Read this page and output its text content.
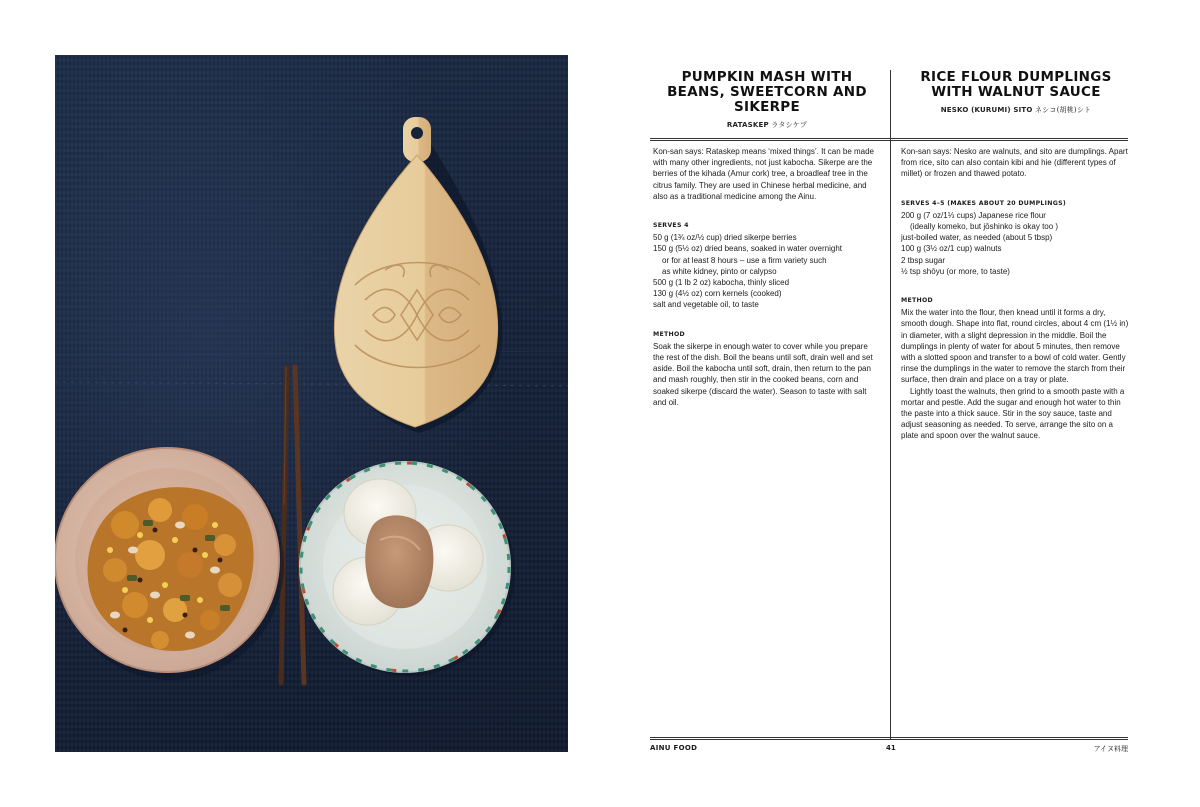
PUMPKIN MASH WITH BEANS, SWEETCORN AND SIKERPE
RATASKEP ラタシケプ
RICE FLOUR DUMPLINGS WITH WALNUT SAUCE
NESKO (KURUMI) SITO ネシコ(胡桃)シト

Kon-san says: Rataskep means ‘mixed things’. It can be made with many other ingredients, not just kabocha. Sikerpe are the berries of the kihada (Amur cork) tree, a broadleaf tree in the citrus family. They are used in Chinese herbal medicine, and also as a traditional medicine among the Ainu.

SERVES 4

50 g (1¾ oz/½ cup) dried sikerpe berries

150 g (5½ oz) dried beans, soaked in water overnight

or for at least 8 hours – use a firm variety such

as white kidney, pinto or calypso

500 g (1 lb 2 oz) kabocha, thinly sliced

130 g (4½ oz) corn kernels (cooked)

salt and vegetable oil, to taste

METHOD

Soak the sikerpe in enough water to cover while you prepare the rest of the dish. Boil the beans until soft, drain well and set aside. Boil the kabocha until soft, drain, then return to the pan and mash roughly, then stir in the cooked beans, corn and soaked sikerpe (discard the water). Season to taste with salt and oil.

Kon-san says: Nesko are walnuts, and sito are dumplings. Apart from rice, sito can also contain kibi and hie (different types of millet) or frozen and thawed potato.

SERVES 4–5 (MAKES ABOUT 20 DUMPLINGS)

200 g (7 oz/1⅓ cups) Japanese rice flour

(ideally komeko, but jōshinko is okay too )

just-boiled water, as needed (about 5 tbsp)

100 g (3½ oz/1 cup) walnuts

2 tbsp sugar

½ tsp shōyu (or more, to taste)

METHOD

Mix the water into the flour, then knead until it forms a dry, smooth dough. Shape into flat, round circles, about 4 cm (1½ in) in diameter, with a slight depression in the middle. Boil the dumplings in plenty of water for about 5 minutes, then remove with a slotted spoon and transfer to a bowl of cold water. Gently rinse the dumplings in the water to remove the starch from their surface, then drain and place on a tray or plate.

Lightly toast the walnuts, then grind to a smooth paste with a mortar and pestle. Add the sugar and enough hot water to thin the paste into a thick sauce. Stir in the soy sauce, taste and adjust seasoning as needed. To serve, arrange the sito on a plate and spoon over the walnut sauce.

AINU FOOD	41	アイヌ料理
